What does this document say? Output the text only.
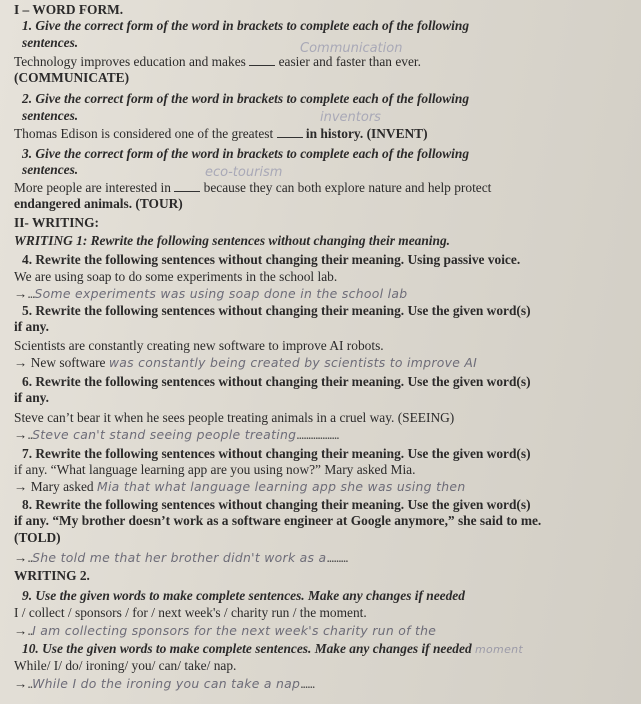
I – WORD FORM.
1. Give the correct form of the word in brackets to complete each of the following
sentences.	Communication
Technology improves education and makes easier and faster than ever.
(COMMUNICATE)
2. Give the correct form of the word in brackets to complete each of the following
sentences.	inventors
Thomas Edison is considered one of the greatest in history. (INVENT)
3. Give the correct form of the word in brackets to complete each of the following
sentences.	eco-tourism
More people are interested in because they can both explore nature and help protect
endangered animals. (TOUR)
II- WRITING:
WRITING 1: Rewrite the following sentences without changing their meaning.
4. Rewrite the following sentences without changing their meaning. Using passive voice.
We are using soap to do some experiments in the school lab.
→...Some experiments was using soap done in the school lab
5. Rewrite the following sentences without changing their meaning. Use the given word(s)
if any.
Scientists are constantly creating new software to improve AI robots.
→ New software was constantly being created by scientists to improve AI
6. Rewrite the following sentences without changing their meaning. Use the given word(s)
if any.
Steve can’t bear it when he sees people treating animals in a cruel way. (SEEING)
→..Steve can't stand seeing people treating..................
7. Rewrite the following sentences without changing their meaning. Use the given word(s)
if any. “What language learning app are you using now?” Mary asked Mia.
→ Mary asked Mia that what language learning app she was using then
8. Rewrite the following sentences without changing their meaning. Use the given word(s)
if any. “My brother doesn’t work as a software engineer at Google anymore,” she said to me.
(TOLD)
→..She told me that her brother didn't work as a.........
WRITING 2.
9. Use the given words to make complete sentences. Make any changes if needed
I / collect / sponsors / for / next week's / charity run / the moment.
→..I am collecting sponsors for the next week's charity run of the
10. Use the given words to make complete sentences. Make any changes if needed moment
While/ I/ do/ ironing/ you/ can/ take/ nap.
→..While I do the ironing you can take a nap......
